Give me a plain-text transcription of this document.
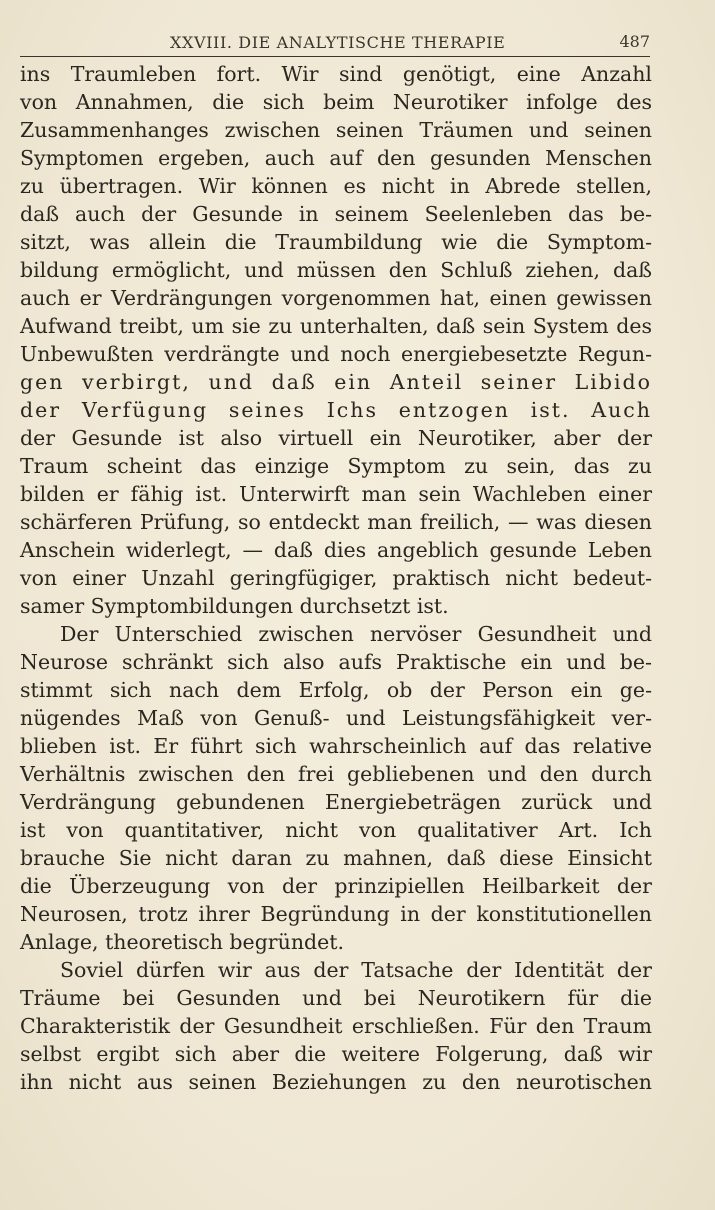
XXVIII. DIE ANALYTISCHE THERAPIE	487
ins Traumleben fort. Wir sind genötigt, eine Anzahl
von Annahmen, die sich beim Neurotiker infolge des
Zusammenhanges zwischen seinen Träumen und seinen
Symptomen ergeben, auch auf den gesunden Menschen
zu übertragen. Wir können es nicht in Abrede stellen,
daß auch der Gesunde in seinem Seelenleben das be-
sitzt, was allein die Traumbildung wie die Symptom-
bildung ermöglicht, und müssen den Schluß ziehen, daß
auch er Verdrängungen vorgenommen hat, einen gewissen
Aufwand treibt, um sie zu unterhalten, daß sein System des
Unbewußten verdrängte und noch energiebesetzte Regun-
gen verbirgt, und daß ein Anteil seiner Libido
der Verfügung seines Ichs entzogen ist. Auch
der Gesunde ist also virtuell ein Neurotiker, aber der
Traum scheint das einzige Symptom zu sein, das zu
bilden er fähig ist. Unterwirft man sein Wachleben einer
schärferen Prüfung, so entdeckt man freilich, — was diesen
Anschein widerlegt, — daß dies angeblich gesunde Leben
von einer Unzahl geringfügiger, praktisch nicht bedeut-
samer Symptombildungen durchsetzt ist.
Der Unterschied zwischen nervöser Gesundheit und
Neurose schränkt sich also aufs Praktische ein und be-
stimmt sich nach dem Erfolg, ob der Person ein ge-
nügendes Maß von Genuß- und Leistungsfähigkeit ver-
blieben ist. Er führt sich wahrscheinlich auf das relative
Verhältnis zwischen den frei gebliebenen und den durch
Verdrängung gebundenen Energiebeträgen zurück und
ist von quantitativer, nicht von qualitativer Art. Ich
brauche Sie nicht daran zu mahnen, daß diese Einsicht
die Überzeugung von der prinzipiellen Heilbarkeit der
Neurosen, trotz ihrer Begründung in der konstitutionellen
Anlage, theoretisch begründet.
Soviel dürfen wir aus der Tatsache der Identität der
Träume bei Gesunden und bei Neurotikern für die
Charakteristik der Gesundheit erschließen. Für den Traum
selbst ergibt sich aber die weitere Folgerung, daß wir
ihn nicht aus seinen Beziehungen zu den neurotischen
